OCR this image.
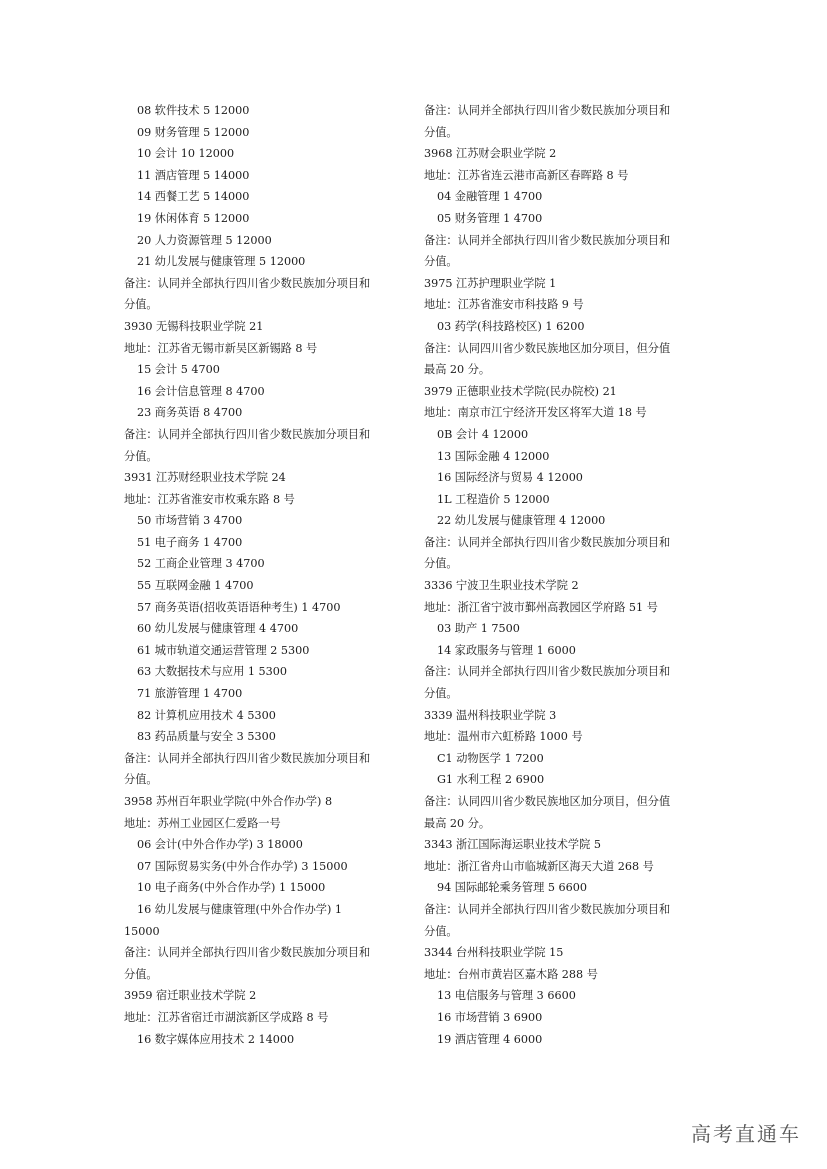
08 软件技术 5 12000
09 财务管理 5 12000
10 会计 10 12000
11 酒店管理 5 14000
14 西餐工艺 5 14000
19 休闲体育 5 12000
20 人力资源管理 5 12000
21 幼儿发展与健康管理 5 12000
备注：认同并全部执行四川省少数民族加分项目和
分值。
3930 无锡科技职业学院 21
地址：江苏省无锡市新吴区新锡路 8 号
15 会计 5 4700
16 会计信息管理 8 4700
23 商务英语 8 4700
备注：认同并全部执行四川省少数民族加分项目和
分值。
3931 江苏财经职业技术学院 24
地址：江苏省淮安市枚乘东路 8 号
50 市场营销 3 4700
51 电子商务 1 4700
52 工商企业管理 3 4700
55 互联网金融 1 4700
57 商务英语(招收英语语种考生) 1 4700
60 幼儿发展与健康管理 4 4700
61 城市轨道交通运营管理 2 5300
63 大数据技术与应用 1 5300
71 旅游管理 1 4700
82 计算机应用技术 4 5300
83 药品质量与安全 3 5300
备注：认同并全部执行四川省少数民族加分项目和
分值。
3958 苏州百年职业学院(中外合作办学) 8
地址：苏州工业园区仁爱路一号
06 会计(中外合作办学) 3 18000
07 国际贸易实务(中外合作办学) 3 15000
10 电子商务(中外合作办学) 1 15000
16 幼儿发展与健康管理(中外合作办学) 1
15000
备注：认同并全部执行四川省少数民族加分项目和
分值。
3959 宿迁职业技术学院 2
地址：江苏省宿迁市湖滨新区学成路 8 号
16 数字媒体应用技术 2 14000
备注：认同并全部执行四川省少数民族加分项目和
分值。
3968 江苏财会职业学院 2
地址：江苏省连云港市高新区春晖路 8 号
04 金融管理 1 4700
05 财务管理 1 4700
备注：认同并全部执行四川省少数民族加分项目和
分值。
3975 江苏护理职业学院 1
地址：江苏省淮安市科技路 9 号
03 药学(科技路校区) 1 6200
备注：认同四川省少数民族地区加分项目，但分值
最高 20 分。
3979 正德职业技术学院(民办院校) 21
地址：南京市江宁经济开发区将军大道 18 号
0B 会计 4 12000
13 国际金融 4 12000
16 国际经济与贸易 4 12000
1L 工程造价 5 12000
22 幼儿发展与健康管理 4 12000
备注：认同并全部执行四川省少数民族加分项目和
分值。
3336 宁波卫生职业技术学院 2
地址：浙江省宁波市鄞州高教园区学府路 51 号
03 助产 1 7500
14 家政服务与管理 1 6000
备注：认同并全部执行四川省少数民族加分项目和
分值。
3339 温州科技职业学院 3
地址：温州市六虹桥路 1000 号
C1 动物医学 1 7200
G1 水利工程 2 6900
备注：认同四川省少数民族地区加分项目，但分值
最高 20 分。
3343 浙江国际海运职业技术学院 5
地址：浙江省舟山市临城新区海天大道 268 号
94 国际邮轮乘务管理 5 6600
备注：认同并全部执行四川省少数民族加分项目和
分值。
3344 台州科技职业学院 15
地址：台州市黄岩区嘉木路 288 号
13 电信服务与管理 3 6600
16 市场营销 3 6900
19 酒店管理 4 6000
高考直通车
